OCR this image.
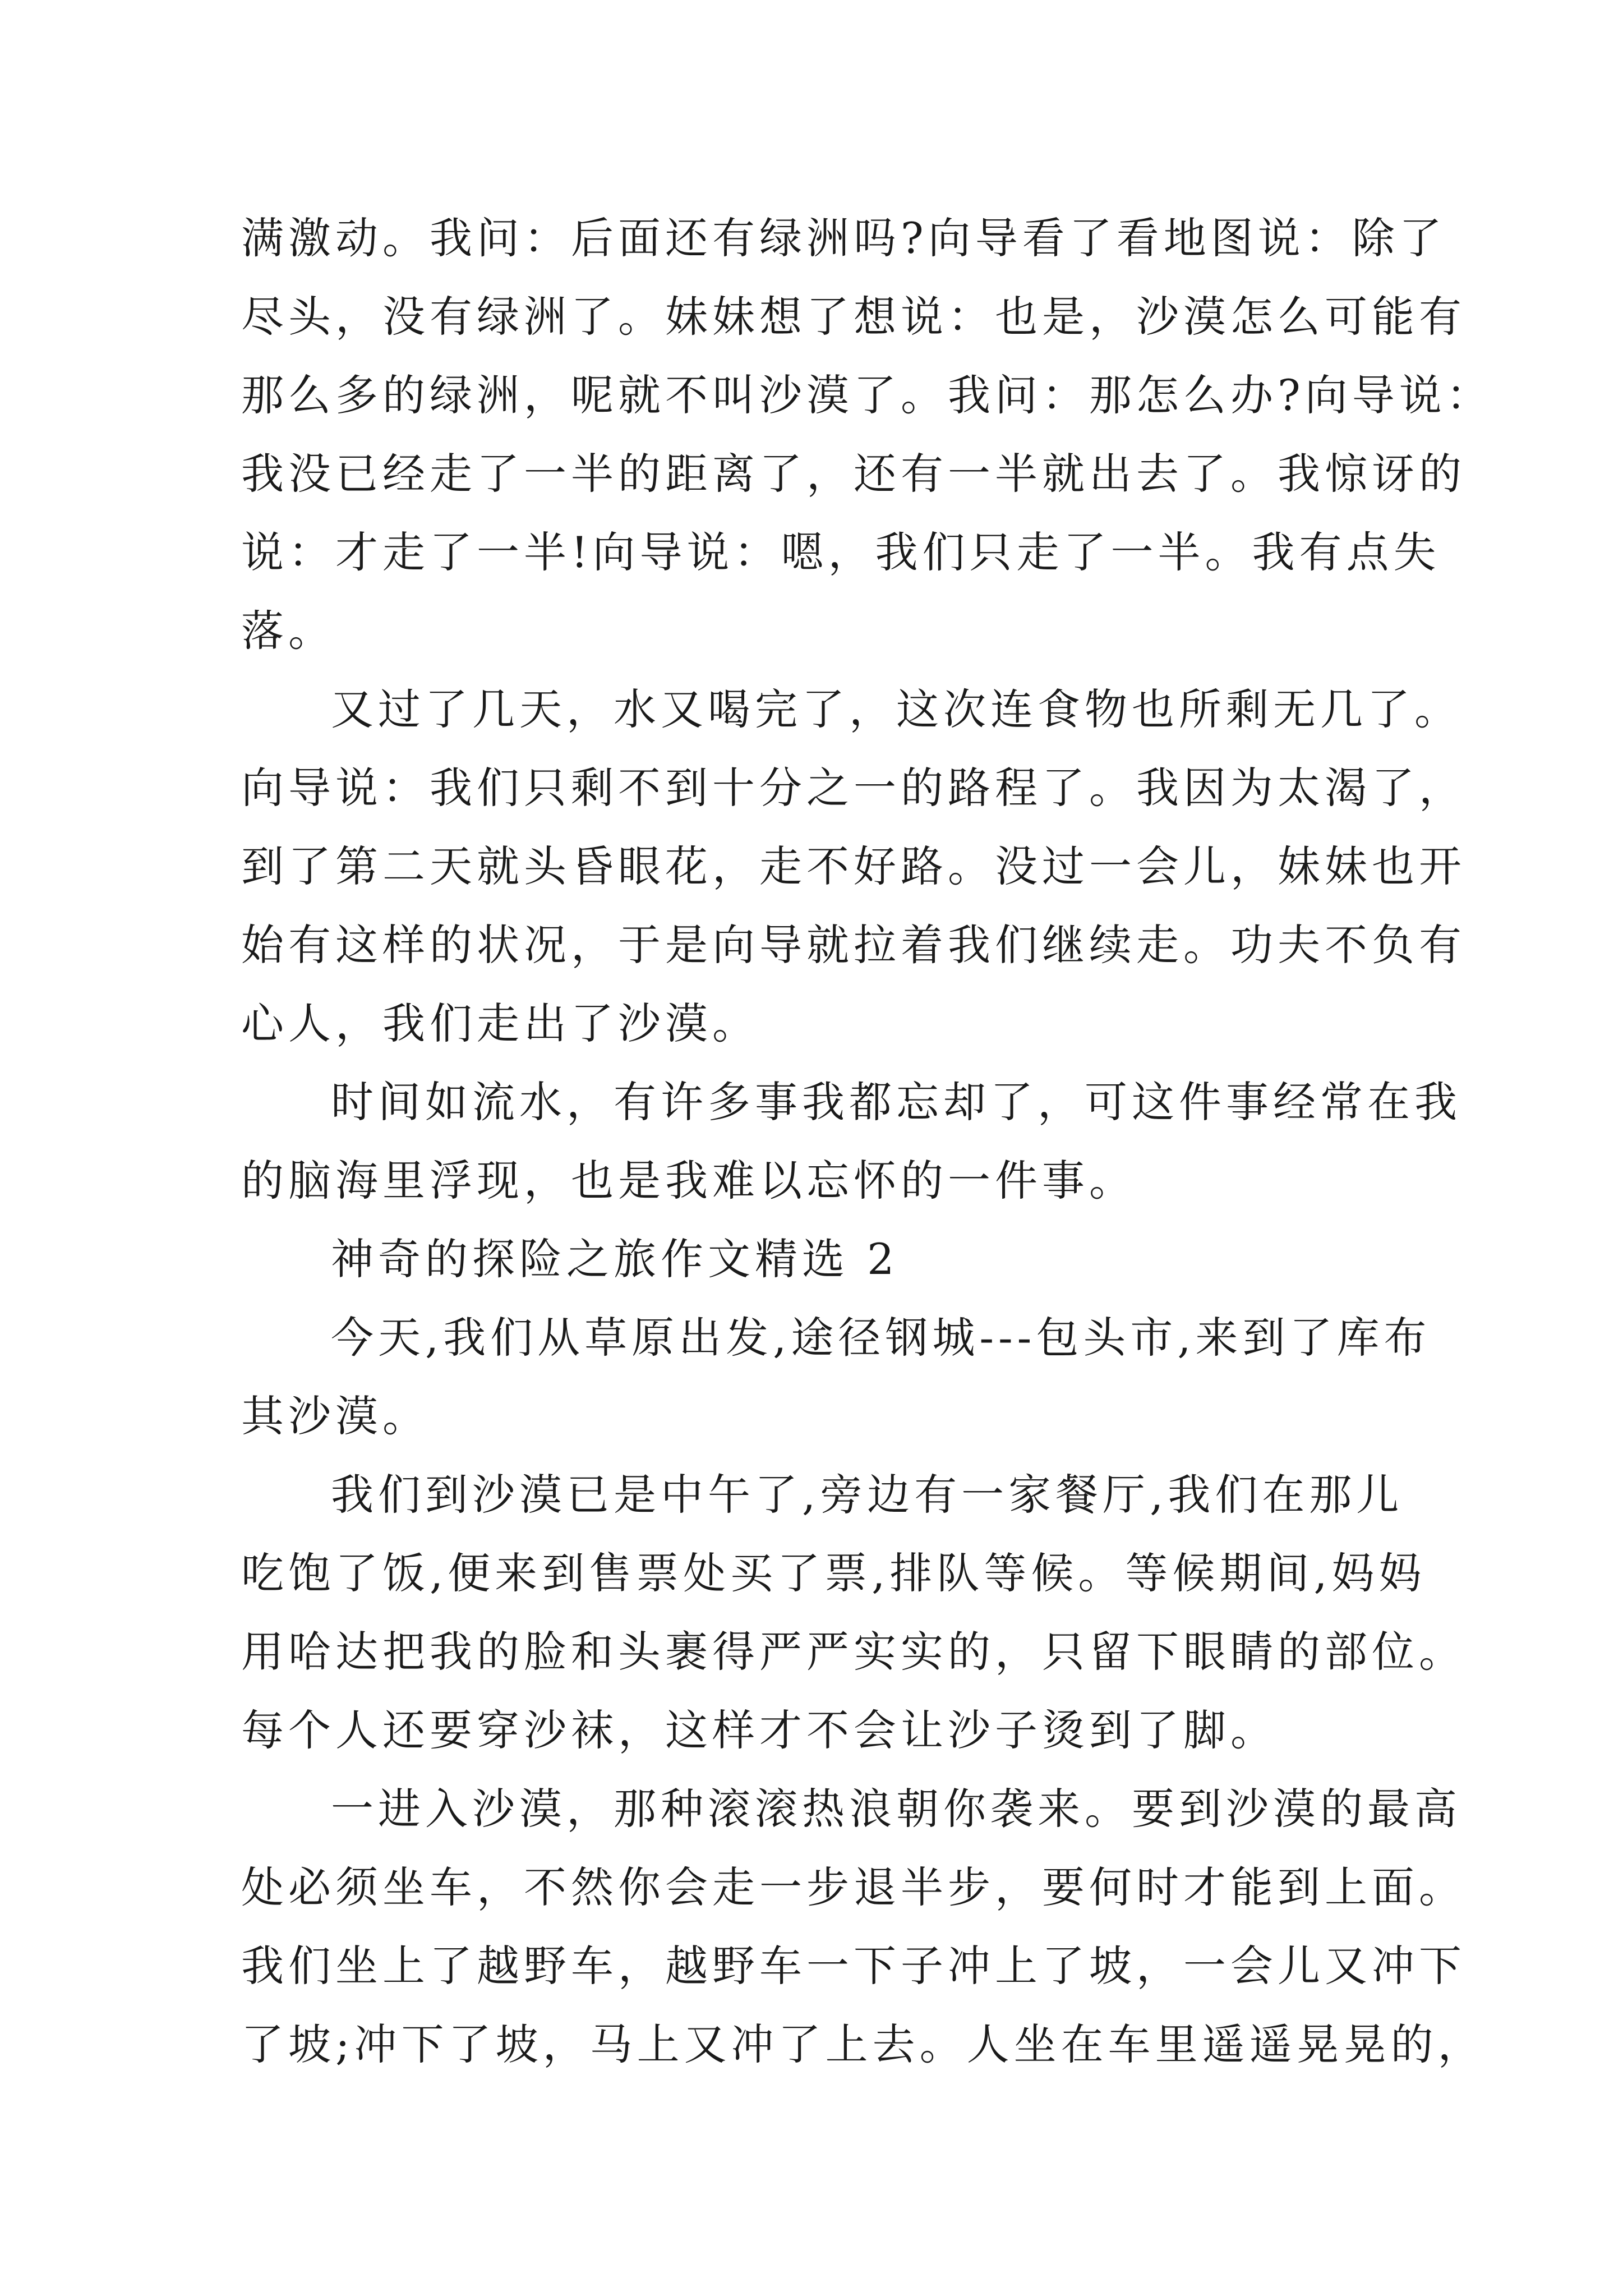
满激动。我问：后面还有绿洲吗?向导看了看地图说：除了
尽头，没有绿洲了。妹妹想了想说：也是，沙漠怎么可能有
那么多的绿洲，呢就不叫沙漠了。我问：那怎么办?向导说：
我没已经走了一半的距离了，还有一半就出去了。我惊讶的
说：才走了一半!向导说：嗯，我们只走了一半。我有点失
落。
又过了几天，水又喝完了，这次连食物也所剩无几了。
向导说：我们只剩不到十分之一的路程了。我因为太渴了，
到了第二天就头昏眼花，走不好路。没过一会儿，妹妹也开
始有这样的状况，于是向导就拉着我们继续走。功夫不负有
心人，我们走出了沙漠。
时间如流水，有许多事我都忘却了，可这件事经常在我
的脑海里浮现，也是我难以忘怀的一件事。
神奇的探险之旅作文精选 2
今天,我们从草原出发,途径钢城---包头市,来到了库布
其沙漠。
我们到沙漠已是中午了,旁边有一家餐厅,我们在那儿
吃饱了饭,便来到售票处买了票,排队等候。等候期间,妈妈
用哈达把我的脸和头裹得严严实实的，只留下眼睛的部位。
每个人还要穿沙袜，这样才不会让沙子烫到了脚。
一进入沙漠，那种滚滚热浪朝你袭来。要到沙漠的最高
处必须坐车，不然你会走一步退半步，要何时才能到上面。
我们坐上了越野车，越野车一下子冲上了坡，一会儿又冲下
了坡;冲下了坡，马上又冲了上去。人坐在车里遥遥晃晃的，
